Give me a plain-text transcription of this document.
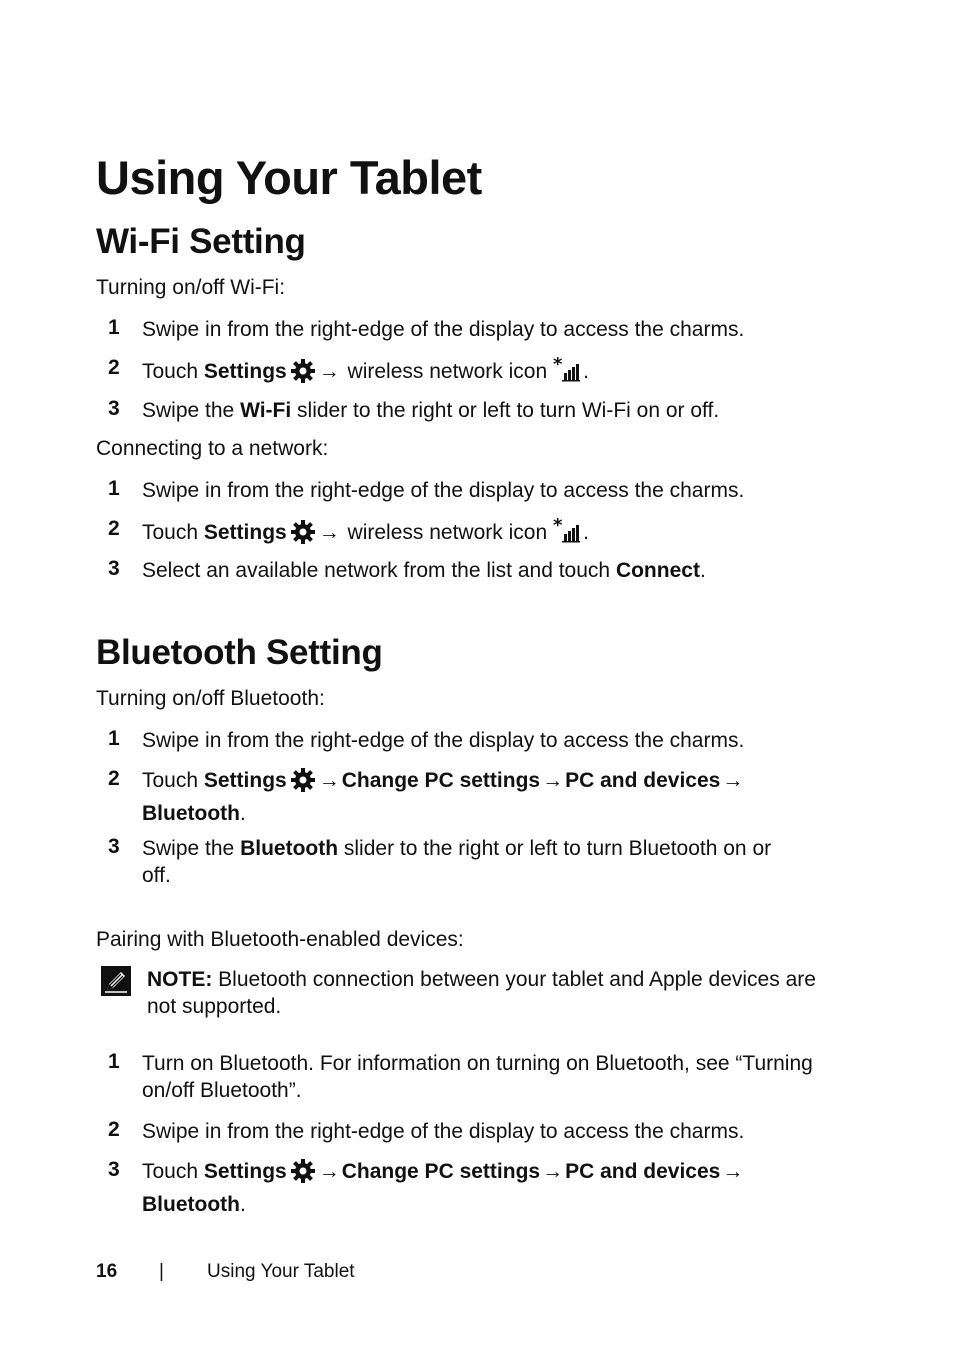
Using Your Tablet
Wi-Fi Setting
Turning on/off Wi-Fi:
1 Swipe in from the right-edge of the display to access the charms.
2 Touch Settings → wireless network icon * .
3 Swipe the Wi-Fi slider to the right or left to turn Wi-Fi on or off.
Connecting to a network:
1 Swipe in from the right-edge of the display to access the charms.
2 Touch Settings → wireless network icon * .
3 Select an available network from the list and touch Connect.
Bluetooth Setting
Turning on/off Bluetooth:
1 Swipe in from the right-edge of the display to access the charms.
2 Touch Settings →Change PC settings→PC and devices→
Bluetooth.
3 Swipe the Bluetooth slider to the right or left to turn Bluetooth on or off.
Pairing with Bluetooth-enabled devices:
NOTE: Bluetooth connection between your tablet and Apple devices are not supported.
1 Turn on Bluetooth. For information on turning on Bluetooth, see “Turning on/off Bluetooth”.
2 Swipe in from the right-edge of the display to access the charms.
3 Touch Settings →Change PC settings→PC and devices→
Bluetooth.
16 | Using Your Tablet
